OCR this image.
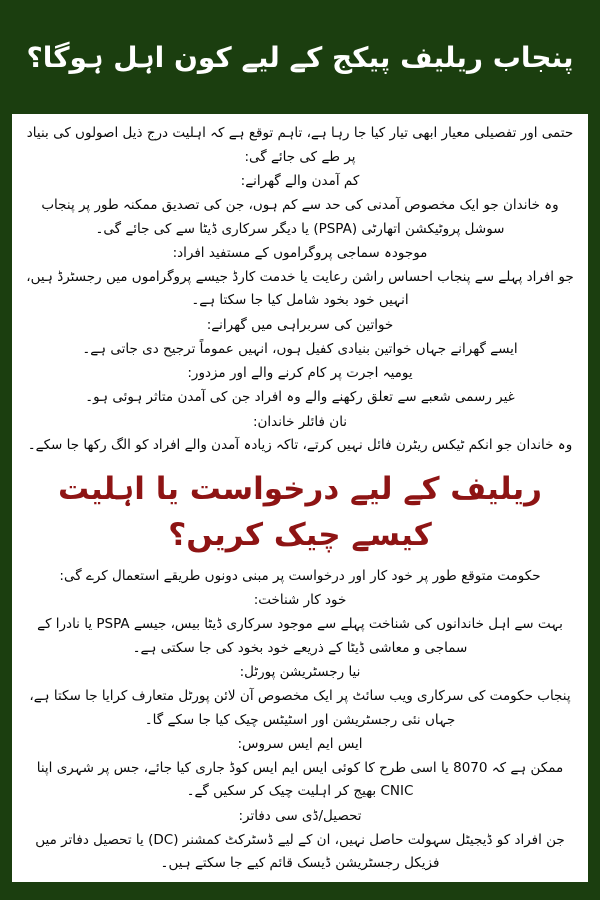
پنجاب ریلیف پیکج کے لیے کون اہل ہوگا؟

حتمی اور تفصیلی معیار ابھی تیار کیا جا رہا ہے، تاہم توقع ہے کہ اہلیت درج ذیل اصولوں کی بنیاد پر طے کی جائے گی:

کم آمدن والے گھرانے:
وہ خاندان جو ایک مخصوص آمدنی کی حد سے کم ہوں، جن کی تصدیق ممکنہ طور پر پنجاب سوشل پروٹیکشن اتھارٹی (PSPA) یا دیگر سرکاری ڈیٹا سے کی جائے گی۔
موجودہ سماجی پروگراموں کے مستفید افراد:
جو افراد پہلے سے پنجاب احساس راشن رعایت یا خدمت کارڈ جیسے پروگراموں میں رجسٹرڈ ہیں، انہیں خود بخود شامل کیا جا سکتا ہے۔
خواتین کی سربراہی میں گھرانے:
ایسے گھرانے جہاں خواتین بنیادی کفیل ہوں، انہیں عموماً ترجیح دی جاتی ہے۔
یومیہ اجرت پر کام کرنے والے اور مزدور:
غیر رسمی شعبے سے تعلق رکھنے والے وہ افراد جن کی آمدن متاثر ہوئی ہو۔
نان فائلر خاندان:
وہ خاندان جو انکم ٹیکس ریٹرن فائل نہیں کرتے، تاکہ زیادہ آمدن والے افراد کو الگ رکھا جا سکے۔
ریلیف کے لیے درخواست یا اہلیت کیسے چیک کریں؟

حکومت متوقع طور پر خود کار اور درخواست پر مبنی دونوں طریقے استعمال کرے گی:

خود کار شناخت:
بہت سے اہل خاندانوں کی شناخت پہلے سے موجود سرکاری ڈیٹا بیس، جیسے PSPA یا نادرا کے سماجی و معاشی ڈیٹا کے ذریعے خود بخود کی جا سکتی ہے۔
نیا رجسٹریشن پورٹل:
پنجاب حکومت کی سرکاری ویب سائٹ پر ایک مخصوص آن لائن پورٹل متعارف کرایا جا سکتا ہے، جہاں نئی رجسٹریشن اور اسٹیٹس چیک کیا جا سکے گا۔
ایس ایم ایس سروس:
ممکن ہے کہ 8070 یا اسی طرح کا کوئی ایس ایم ایس کوڈ جاری کیا جائے، جس پر شہری اپنا CNIC بھیج کر اہلیت چیک کر سکیں گے۔
تحصیل/ڈی سی دفاتر:
جن افراد کو ڈیجیٹل سہولت حاصل نہیں، ان کے لیے ڈسٹرکٹ کمشنر (DC) یا تحصیل دفاتر میں فزیکل رجسٹریشن ڈیسک قائم کیے جا سکتے ہیں۔
